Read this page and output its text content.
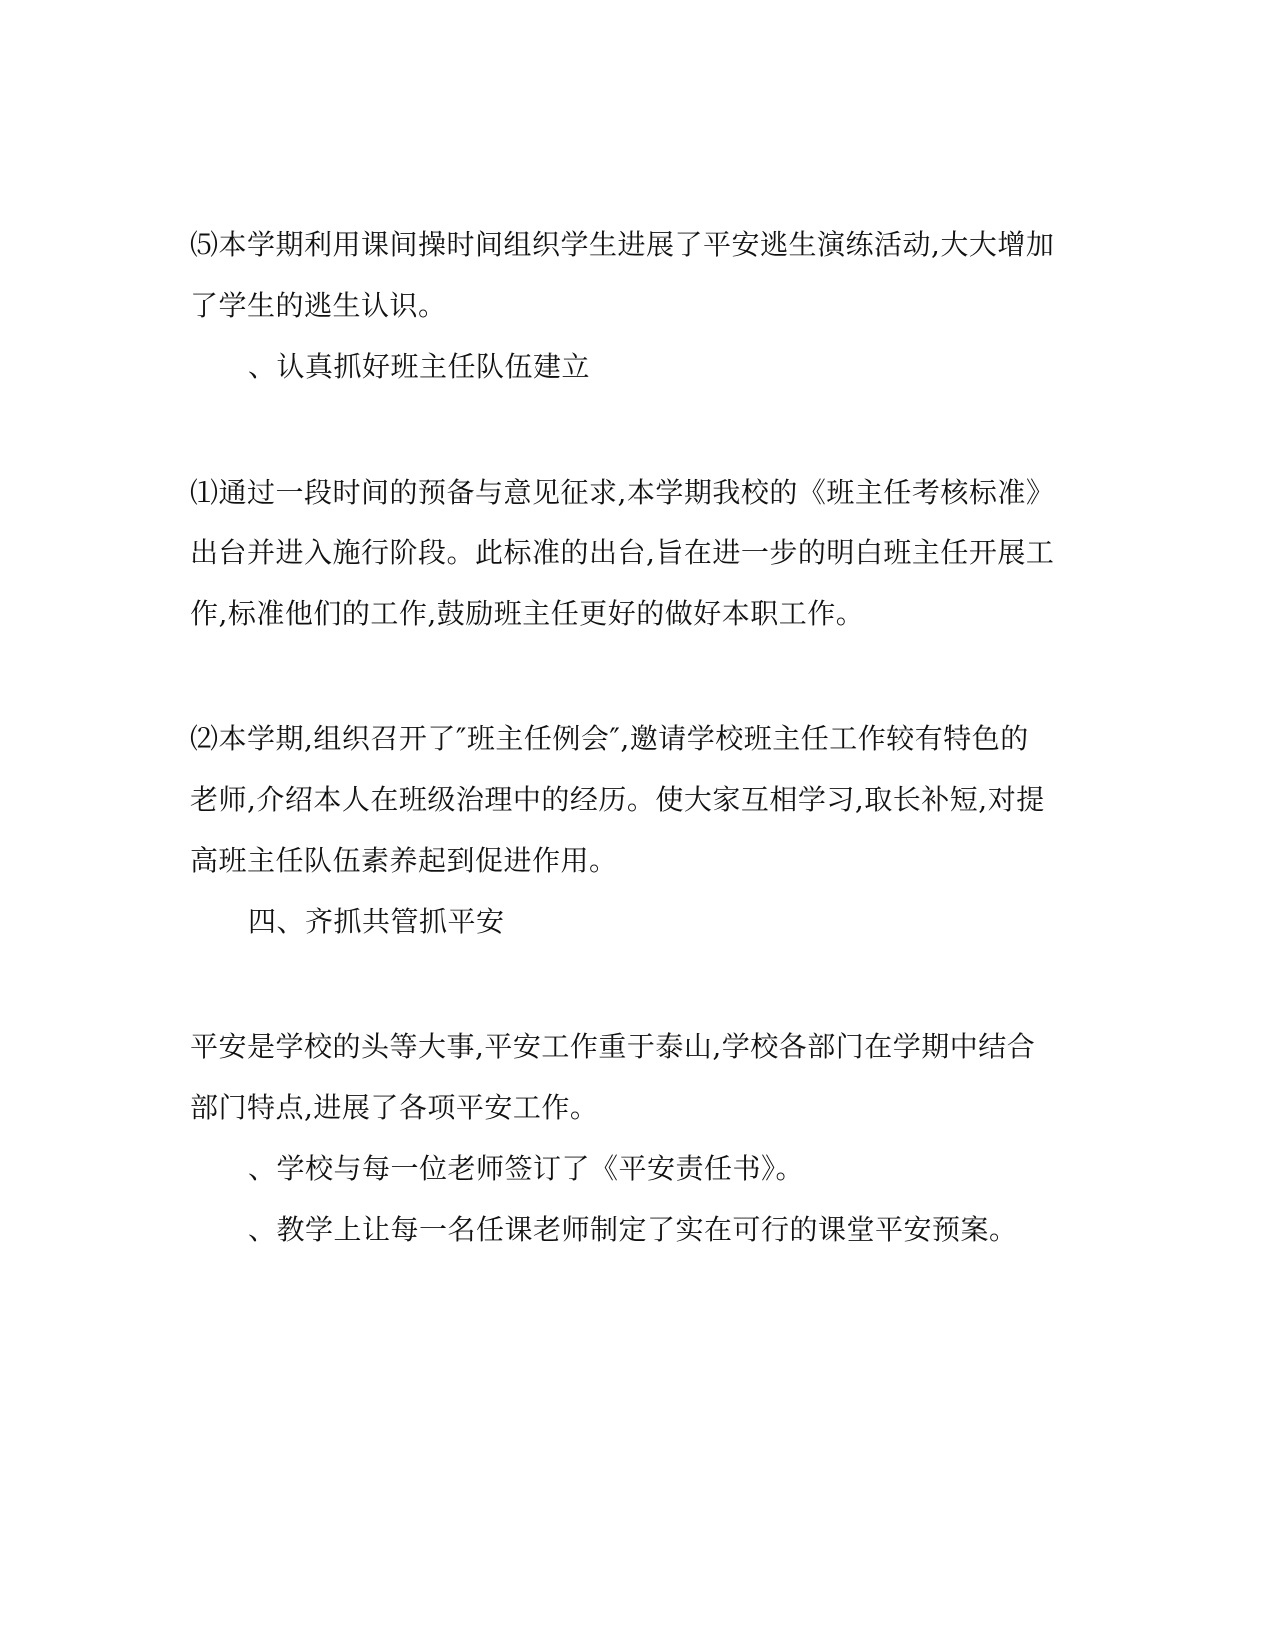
⑸本学期利用课间操时间组织学生进展了平安逃生演练活动,大大增加
了学生的逃生认识。
、认真抓好班主任队伍建立
⑴通过一段时间的预备与意见征求,本学期我校的《班主任考核标准》
出台并进入施行阶段。此标准的出台,旨在进一步的明白班主任开展工
作,标准他们的工作,鼓励班主任更好的做好本职工作。
⑵本学期,组织召开了″班主任例会″,邀请学校班主任工作较有特色的
老师,介绍本人在班级治理中的经历。使大家互相学习,取长补短,对提
高班主任队伍素养起到促进作用。
四、齐抓共管抓平安
平安是学校的头等大事,平安工作重于泰山,学校各部门在学期中结合
部门特点,进展了各项平安工作。
、学校与每一位老师签订了《平安责任书》。
、教学上让每一名任课老师制定了实在可行的课堂平安预案。
